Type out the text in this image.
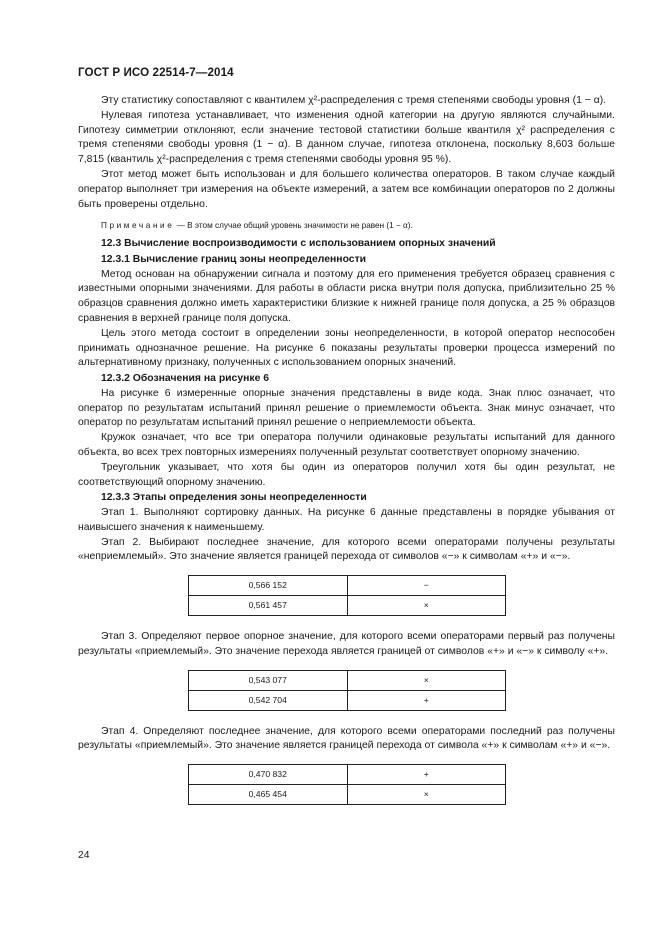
ГОСТ Р ИСО 22514-7—2014

Эту статистику сопоставляют с квантилем χ²-распределения с тремя степенями свободы уровня (1 − α).

Нулевая гипотеза устанавливает, что изменения одной категории на другую являются случайными. Гипотезу симметрии отклоняют, если значение тестовой статистики больше квантиля χ² распределения с тремя степенями свободы уровня (1 − α). В данном случае, гипотеза отклонена, поскольку 8,603 больше 7,815 (квантиль χ²-распределения с тремя степенями свободы уровня 95 %).

Этот метод может быть использован и для большего количества операторов. В таком случае каждый оператор выполняет три измерения на объекте измерений, а затем все комбинации операторов по 2 должны быть проверены отдельно.

Примечание — В этом случае общий уровень значимости не равен (1 − α).

12.3 Вычисление воспроизводимости с использованием опорных значений
12.3.1 Вычисление границ зоны неопределенности

Метод основан на обнаружении сигнала и поэтому для его применения требуется образец сравнения с известными опорными значениями. Для работы в области риска внутри поля допуска, приблизительно 25 % образцов сравнения должно иметь характеристики близкие к нижней границе поля допуска, а 25 % образцов сравнения в верхней границе поля допуска.

Цель этого метода состоит в определении зоны неопределенности, в которой оператор неспособен принимать однозначное решение. На рисунке 6 показаны результаты проверки процесса измерений по альтернативному признаку, полученных с использованием опорных значений.

12.3.2 Обозначения на рисунке 6

На рисунке 6 измеренные опорные значения представлены в виде кода. Знак плюс означает, что оператор по результатам испытаний принял решение о приемлемости объекта. Знак минус означает, что оператор по результатам испытаний принял решение о неприемлемости объекта.

Кружок означает, что все три оператора получили одинаковые результаты испытаний для данного объекта, во всех трех повторных измерениях полученный результат соответствует опорному значению.

Треугольник указывает, что хотя бы один из операторов получил хотя бы один результат, не соответствующий опорному значению.

12.3.3 Этапы определения зоны неопределенности

Этап 1. Выполняют сортировку данных. На рисунке 6 данные представлены в порядке убывания от наивысшего значения к наименьшему.

Этап 2. Выбирают последнее значение, для которого всеми операторами получены результаты «неприемлемый». Это значение является границей перехода от символов «−» к символам «+» и «−».

0,566 152	−
0,561 457	×

Этап 3. Определяют первое опорное значение, для которого всеми операторами первый раз получены результаты «приемлемый». Это значение перехода является границей от символов «+» и «−» к символу «+».

0,543 077	×
0,542 704	+

Этап 4. Определяют последнее значение, для которого всеми операторами последний раз получены результаты «приемлемый». Это значение является границей перехода от символа «+» к символам «+» и «−».

0,470 832	+
0,465 454	×
24
